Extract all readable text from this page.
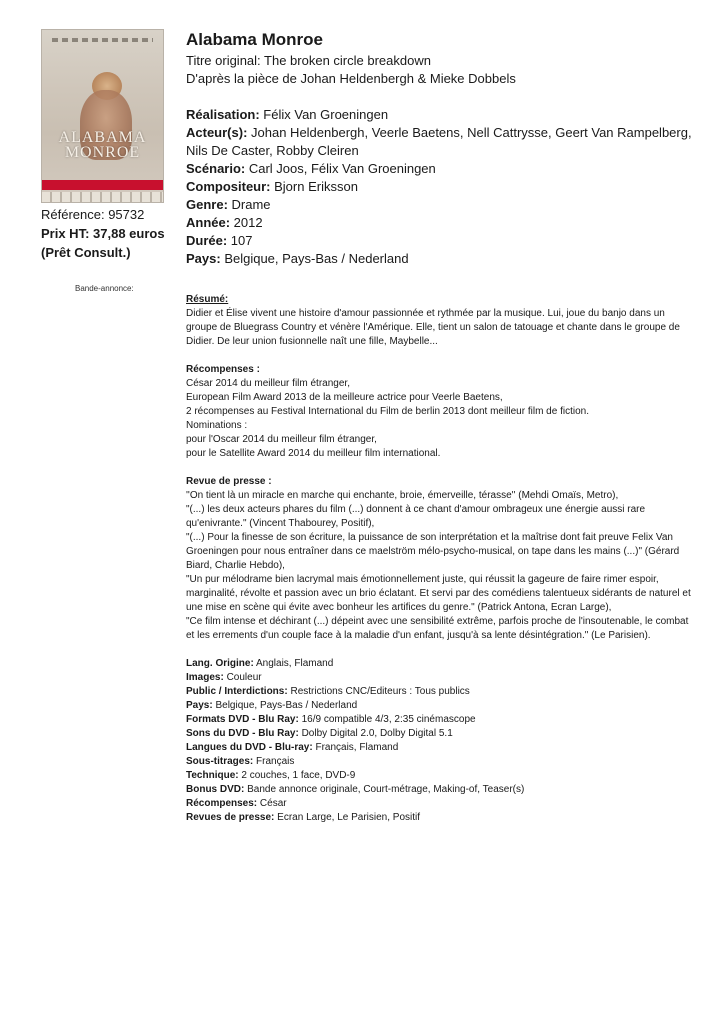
ALABAMA
MONROE
Référence: 95732
Prix HT: 37,88 euros
(Prêt Consult.)
Bande-annonce:
Alabama Monroe
Titre original: The broken circle breakdown
D'après la pièce de Johan Heldenbergh & Mieke Dobbels
Réalisation: Félix Van Groeningen
Acteur(s): Johan Heldenbergh, Veerle Baetens, Nell Cattrysse, Geert Van Rampelberg, Nils De Caster, Robby Cleiren
Scénario: Carl Joos, Félix Van Groeningen
Compositeur: Bjorn Eriksson
Genre: Drame
Année: 2012
Durée: 107
Pays: Belgique, Pays-Bas / Nederland
Résumé:
Didier et Élise vivent une histoire d'amour passionnée et rythmée par la musique. Lui, joue du banjo dans un groupe de Bluegrass Country et vénère l'Amérique. Elle, tient un salon de tatouage et chante dans le groupe de Didier. De leur union fusionnelle naît une fille, Maybelle...
Récompenses :
César 2014 du meilleur film étranger,
European Film Award 2013 de la meilleure actrice pour Veerle Baetens,
2 récompenses au Festival International du Film de berlin 2013 dont meilleur film de fiction.
Nominations :
pour l'Oscar 2014 du meilleur film étranger,
pour le Satellite Award 2014 du meilleur film international.
Revue de presse :
''On tient là un miracle en marche qui enchante, broie, émerveille, térasse'' (Mehdi Omaïs, Metro),
"(...) les deux acteurs phares du film (...) donnent à ce chant d'amour ombrageux une énergie aussi rare qu'enivrante." (Vincent Thabourey, Positif),
"(...) Pour la finesse de son écriture, la puissance de son interprétation et la maîtrise dont fait preuve Felix Van Groeningen pour nous entraîner dans ce maelström mélo-psycho-musical, on tape dans les mains (...)" (Gérard Biard, Charlie Hebdo),
"Un pur mélodrame bien lacrymal mais émotionnellement juste, qui réussit la gageure de faire rimer espoir, marginalité, révolte et passion avec un brio éclatant. Et servi par des comédiens talentueux sidérants de naturel et une mise en scène qui évite avec bonheur les artifices du genre." (Patrick Antona, Ecran Large),
"Ce film intense et déchirant (...) dépeint avec une sensibilité extrême, parfois proche de l'insoutenable, le combat et les errements d'un couple face à la maladie d'un enfant, jusqu'à sa lente désintégration." (Le Parisien).
Lang. Origine: Anglais, Flamand
Images: Couleur
Public / Interdictions: Restrictions CNC/Editeurs : Tous publics
Pays: Belgique, Pays-Bas / Nederland
Formats DVD - Blu Ray: 16/9 compatible 4/3, 2:35 cinémascope
Sons du DVD - Blu Ray: Dolby Digital 2.0, Dolby Digital 5.1
Langues du DVD - Blu-ray: Français, Flamand
Sous-titrages: Français
Technique: 2 couches, 1 face, DVD-9
Bonus DVD: Bande annonce originale, Court-métrage, Making-of, Teaser(s)
Récompenses: César
Revues de presse: Ecran Large, Le Parisien, Positif
